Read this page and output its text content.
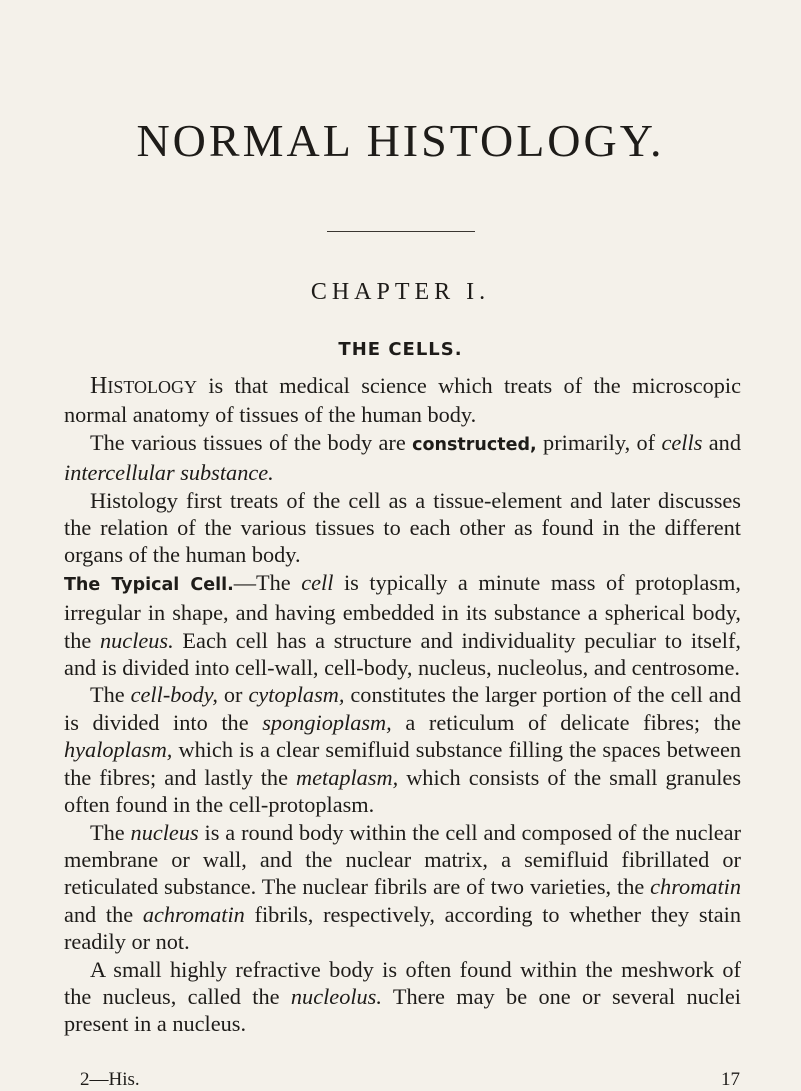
NORMAL HISTOLOGY.
CHAPTER I.
THE CELLS.

HISTOLOGY is that medical science which treats of the microscopic normal anatomy of tissues of the human body.

The various tissues of the body are constructed, primarily, of cells and intercellular substance.

Histology first treats of the cell as a tissue-element and later discusses the relation of the various tissues to each other as found in the different organs of the human body.

The Typical Cell.—The cell is typically a minute mass of protoplasm, irregular in shape, and having embedded in its substance a spherical body, the nucleus. Each cell has a structure and individuality peculiar to itself, and is divided into cell-wall, cell-body, nucleus, nucleolus, and centrosome.

The cell-body, or cytoplasm, constitutes the larger portion of the cell and is divided into the spongioplasm, a reticulum of delicate fibres; the hyaloplasm, which is a clear semifluid substance filling the spaces between the fibres; and lastly the metaplasm, which consists of the small granules often found in the cell-protoplasm.

The nucleus is a round body within the cell and composed of the nuclear membrane or wall, and the nuclear matrix, a semifluid fibrillated or reticulated substance. The nuclear fibrils are of two varieties, the chromatin and the achromatin fibrils, respectively, according to whether they stain readily or not.

A small highly refractive body is often found within the meshwork of the nucleus, called the nucleolus. There may be one or several nuclei present in a nucleus.

2—His.	17
